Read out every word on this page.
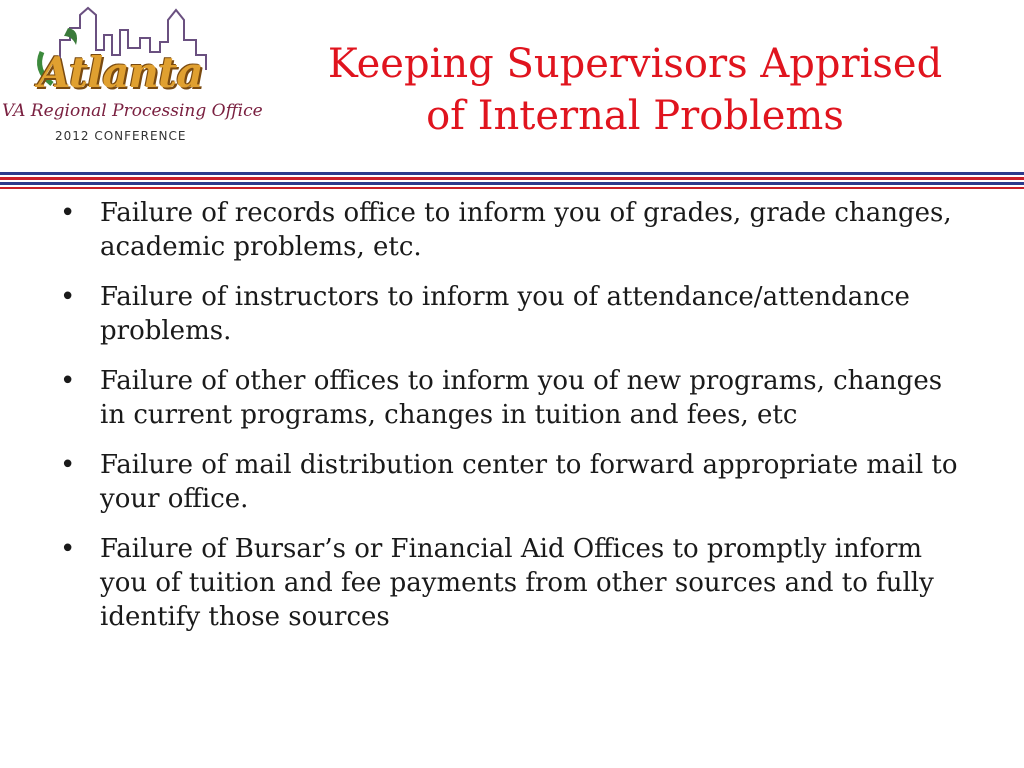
Atlanta
VA Regional Processing Office
2012 CONFERENCE
Keeping Supervisors Apprised
of Internal Problems
• Failure of records office to inform you of grades, grade changes, academic problems, etc.
• Failure of instructors to inform you of attendance/attendance problems.
• Failure of other offices to inform you of new programs, changes in current programs, changes in tuition and fees, etc
• Failure of mail distribution center to forward appropriate mail to your office.
• Failure of Bursar’s or Financial Aid Offices to promptly inform you of tuition and fee payments from other sources and to fully identify those sources
